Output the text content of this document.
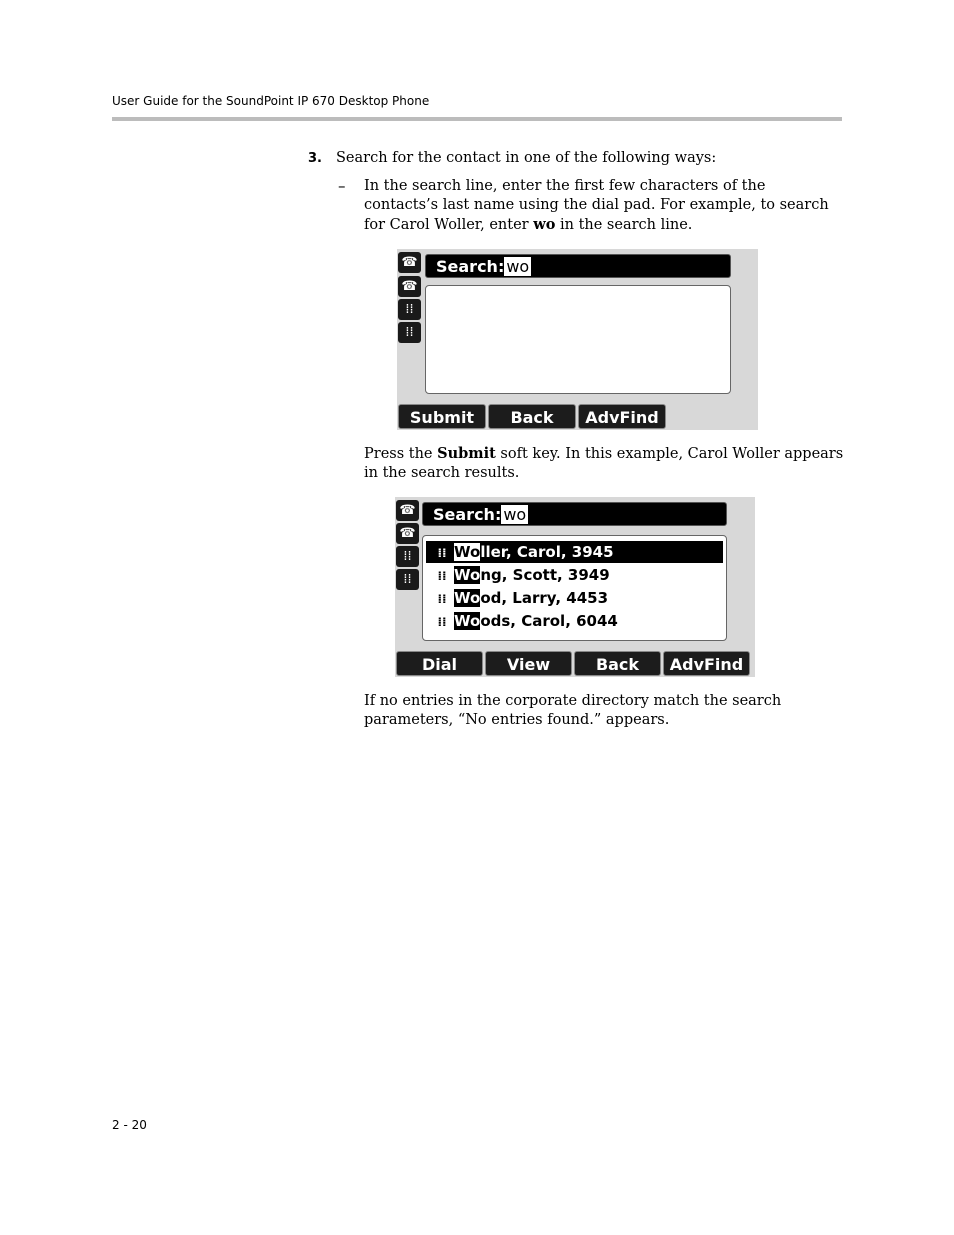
User Guide for the SoundPoint IP 670 Desktop Phone
3. Search for the contact in one of the following ways:
– In the search line, enter the first few characters of the contacts’s last name using the dial pad. For example, to search for Carol Woller, enter wo in the search line.

☎
☎
⁞⁞
⁞⁞
Search: wo
Submit	Back	AdvFind

Press the Submit soft key. In this example, Carol Woller appears in the search results.

☎
☎
⁞⁞
⁞⁞
Search: wo
⁞⁞ Woller, Carol, 3945
⁞⁞ Wong, Scott, 3949
⁞⁞ Wood, Larry, 4453
⁞⁞ Woods, Carol, 6044
Dial	View	Back	AdvFind

If no entries in the corporate directory match the search parameters, “No entries found.” appears.

2 - 20
